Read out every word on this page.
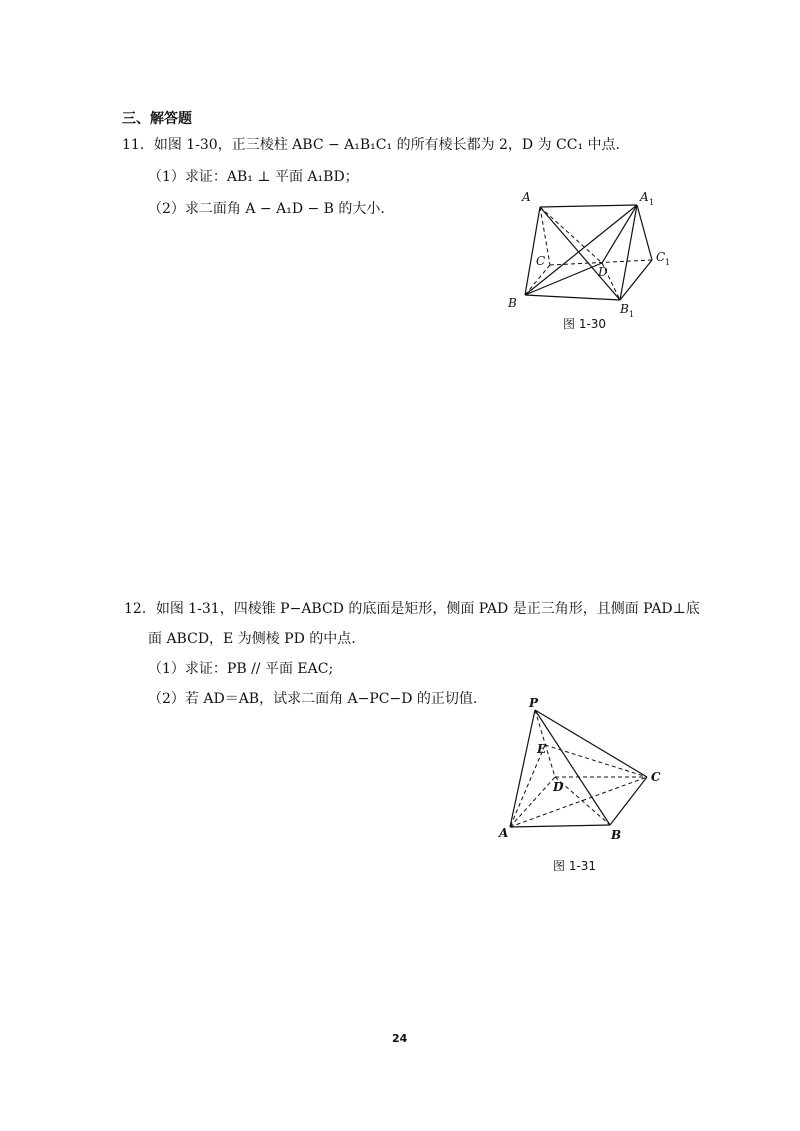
三、解答题
11．如图 1-30，正三棱柱 ABC − A₁B₁C₁ 的所有棱长都为 2，D 为 CC₁ 中点.
（1）求证：AB₁ ⊥ 平面 A₁BD；
（2）求二面角 A − A₁D − B 的大小.
A	A 1
C
D
C 1
B	B 1
图 1-30
12．如图 1-31，四棱锥 P−ABCD 的底面是矩形，侧面 PAD 是正三角形，且侧面 PAD⊥底
面 ABCD，E 为侧棱 PD 的中点.
（1）求证：PB // 平面 EAC;
（2）若 AD＝AB，试求二面角 A−PC−D 的正切值.	P
E
D
C
A	B
图 1-31
24
